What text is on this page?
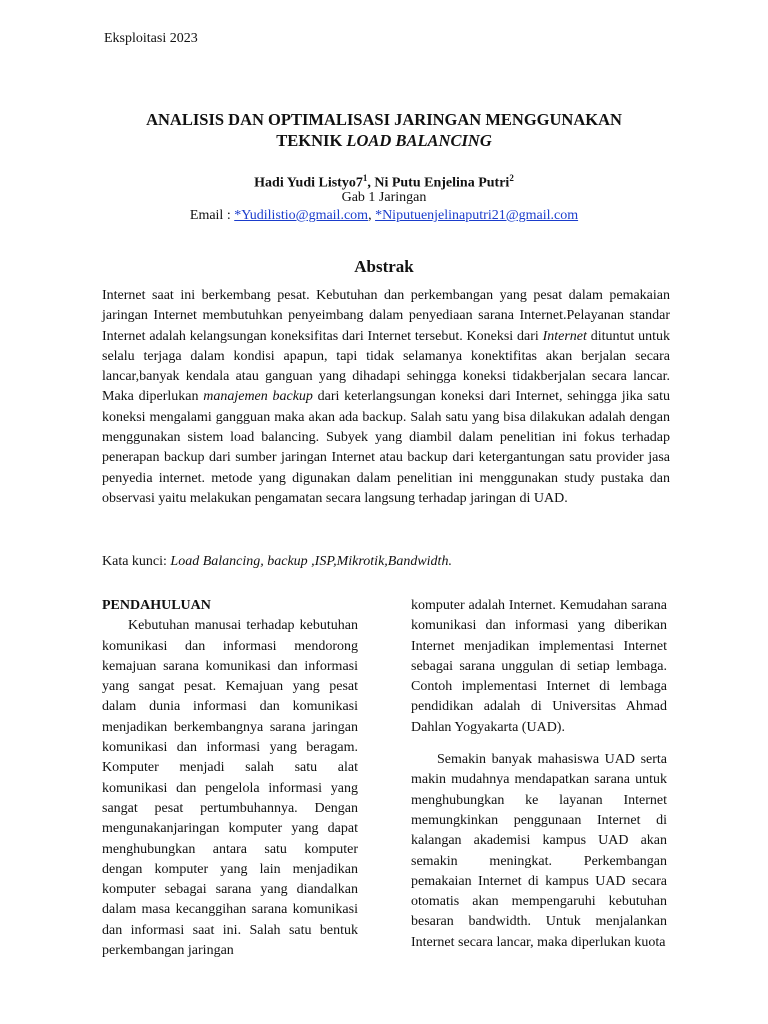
Eksploitasi 2023
ANALISIS DAN OPTIMALISASI JARINGAN MENGGUNAKAN
TEKNIK LOAD BALANCING
Hadi Yudi $Listyo7^1$, Ni Putu Enjelina Putri$^2$
Gab 1 Jaringan
Email : *Yudilistio@gmail.com, *Niputuenjelinaputri21@gmail.com
Abstrak

Internet saat ini berkembang pesat. Kebutuhan dan perkembangan yang pesat dalam pemakaian jaringan Internet membutuhkan penyeimbang dalam penyediaan sarana Internet.Pelayanan standar Internet adalah kelangsungan koneksifitas dari Internet tersebut. Koneksi dari Internet dituntut untuk selalu terjaga dalam kondisi apapun, tapi tidak selamanya konektifitas akan berjalan secara lancar,banyak kendala atau ganguan yang dihadapi sehingga koneksi tidakberjalan secara lancar. Maka diperlukan manajemen backup dari keterlangsungan koneksi dari Internet, sehingga jika satu koneksi mengalami gangguan maka akan ada backup. Salah satu yang bisa dilakukan adalah dengan menggunakan sistem load balancing. Subyek yang diambil dalam penelitian ini fokus terhadap penerapan backup dari sumber jaringan Internet atau backup dari ketergantungan satu provider jasa penyedia internet. metode yang digunakan dalam penelitian ini menggunakan study pustaka dan observasi yaitu melakukan pengamatan secara langsung terhadap jaringan di UAD.

Kata kunci: Load Balancing, backup ,ISP,Mikrotik,Bandwidth.

PENDAHULUAN

Kebutuhan manusai terhadap kebutuhan komunikasi dan informasi mendorong kemajuan sarana komunikasi dan informasi yang sangat pesat. Kemajuan yang pesat dalam dunia informasi dan komunikasi menjadikan berkembangnya sarana jaringan komunikasi dan informasi yang beragam. Komputer menjadi salah satu alat komunikasi dan pengelola informasi yang sangat pesat pertumbuhannya. Dengan mengunakanjaringan komputer yang dapat menghubungkan antara satu komputer dengan komputer yang lain menjadikan komputer sebagai sarana yang diandalkan dalam masa kecanggihan sarana komunikasi dan informasi saat ini. Salah satu bentuk perkembangan jaringan

komputer adalah Internet. Kemudahan sarana komunikasi dan informasi yang diberikan Internet menjadikan implementasi Internet sebagai sarana unggulan di setiap lembaga. Contoh implementasi Internet di lembaga pendidikan adalah di Universitas Ahmad Dahlan Yogyakarta (UAD).

Semakin banyak mahasiswa UAD serta makin mudahnya mendapatkan sarana untuk menghubungkan ke layanan Internet memungkinkan penggunaan Internet di kalangan akademisi kampus UAD akan semakin meningkat. Perkembangan pemakaian Internet di kampus UAD secara otomatis akan mempengaruhi kebutuhan besaran bandwidth. Untuk menjalankan Internet secara lancar, maka diperlukan kuota
